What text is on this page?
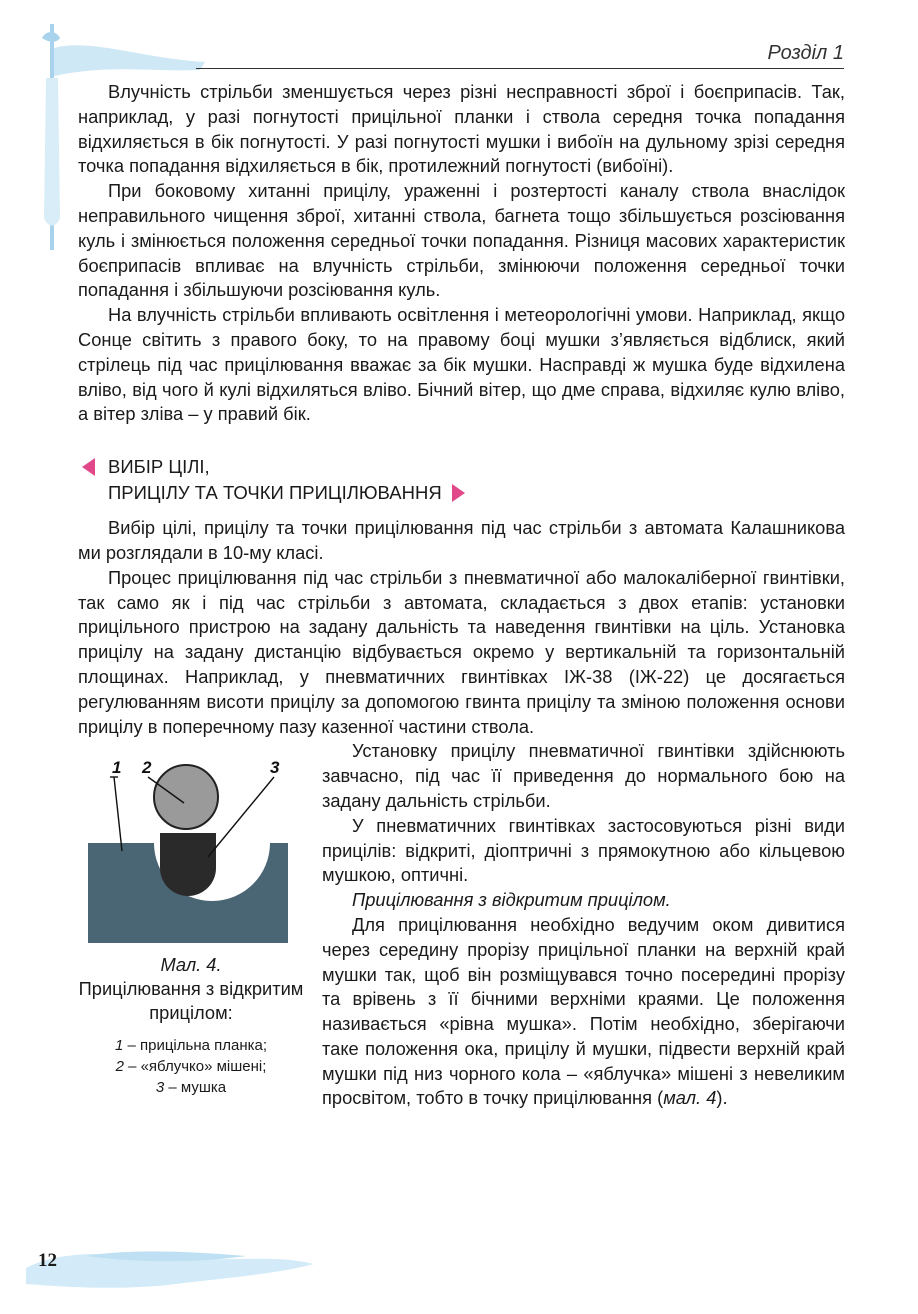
Розділ 1

Влучність стрільби зменшується через різні несправності зброї і боєприпасів. Так, наприклад, у разі погнутості прицільної планки і ствола середня точка попадання відхиляється в бік погнутості. У разі погнутості мушки і вибоїн на дульному зрізі середня точка попадання відхиляється в бік, протилежний погнутості (вибоїні).

При боковому хитанні прицілу, ураженні і розтертості каналу ствола внаслідок неправильного чищення зброї, хитанні ствола, багнета тощо збільшується розсіювання куль і змінюється положення середньої точки попадання. Різниця масових характеристик боєприпасів впливає на влучність стрільби, змінюючи положення середньої точки попадання і збільшуючи розсіювання куль.

На влучність стрільби впливають освітлення і метеорологічні умови. Наприклад, якщо Сонце світить з правого боку, то на правому боці мушки з’являється відблиск, який стрілець під час прицілювання вважає за бік мушки. Насправді ж мушка буде відхилена вліво, від чого й кулі відхиляться вліво. Бічний вітер, що дме справа, відхиляє кулю вліво, а вітер зліва – у правий бік.

ВИБІР ЦІЛІ,
ПРИЦІЛУ ТА ТОЧКИ ПРИЦІЛЮВАННЯ

Вибір цілі, прицілу та точки прицілювання під час стрільби з автомата Калашникова ми розглядали в 10-му класі.

Процес прицілювання під час стрільби з пневматичної або малокаліберної гвинтівки, так само як і під час стрільби з автомата, складається з двох етапів: установки прицільного пристрою на задану дальність та наведення гвинтівки на ціль. Установка прицілу на задану дистанцію відбувається окремо у вертикальній та горизонтальній площинах. Наприклад, у пневматичних гвинтівках ІЖ-38 (ІЖ-22) це досягається регулюванням висоти прицілу за допомогою гвинта прицілу та зміною положення основи прицілу в поперечному пазу казенної частини ствола.

1 2	3
Мал. 4.
Прицілювання з відкритим прицілом:
1 – прицільна планка;
2 – «яблучко» мішені;
3 – мушка

Установку прицілу пневматичної гвинтівки здійснюють завчасно, під час її приведення до нормального бою на задану дальність стрільби.

У пневматичних гвинтівках застосовуються різні види прицілів: відкриті, діоптричні з прямокутною або кільцевою мушкою, оптичні.

Прицілювання з відкритим прицілом.

Для прицілювання необхідно ведучим оком дивитися через середину прорізу прицільної планки на верхній край мушки так, щоб він розміщувався точно посередині прорізу та врівень з її бічними верхніми краями. Це положення називається «рівна мушка». Потім необхідно, зберігаючи таке положення ока, прицілу й мушки, підвести верхній край мушки під низ чорного кола – «яблучка» мішені з невеликим просвітом, тобто в точку прицілювання (мал. 4).

12
